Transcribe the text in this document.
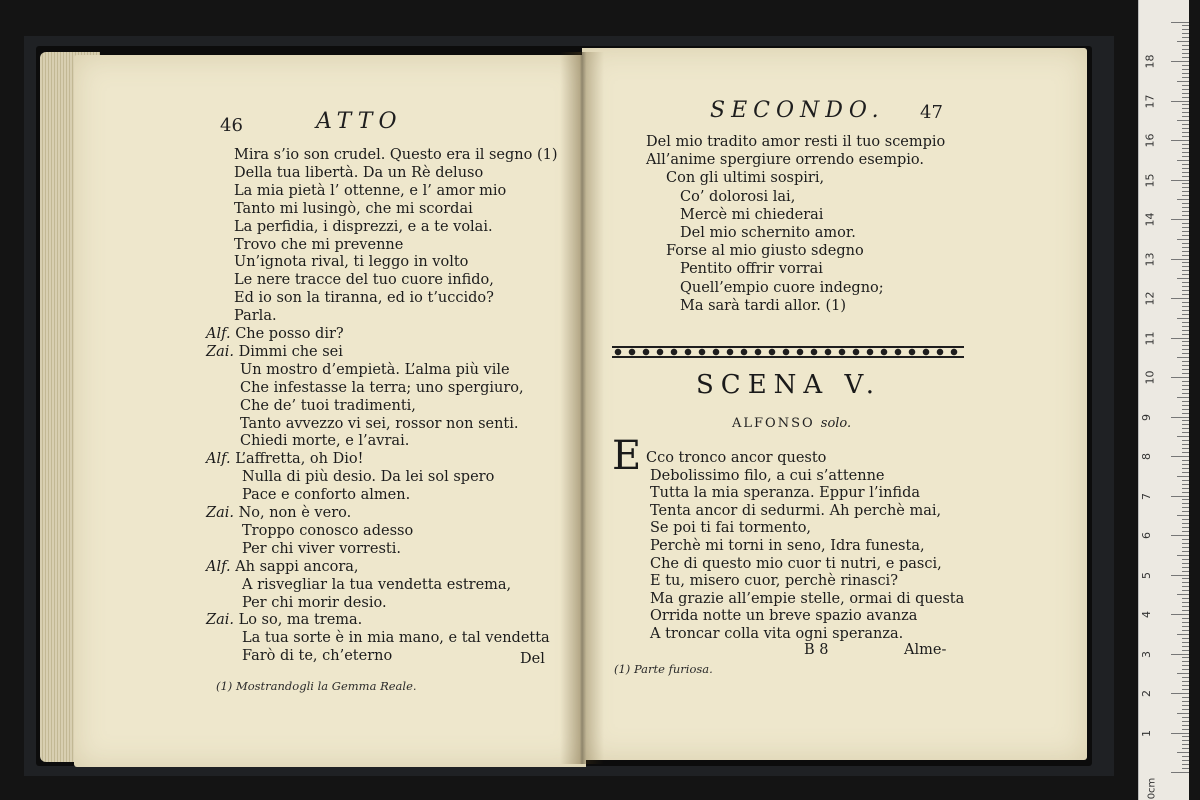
46	ATTO
Mira s’io son crudel. Questo era il segno (1)
Della tua libertà. Da un Rè deluso
La mia pietà l’ ottenne, e l’ amor mio
Tanto mi lusingò, che mi scordai
La perfidia, i disprezzi, e a te volai.
Trovo che mi prevenne
Un’ignota rival, ti leggo in volto
Le nere tracce del tuo cuore infido,
Ed io son la tiranna, ed io t’uccido?
Parla.
Alf. Che posso dir?
Zai. Dimmi che sei
Un mostro d’empietà. L’alma più vile
Che infestasse la terra; uno spergiuro,
Che de’ tuoi tradimenti,
Tanto avvezzo vi sei, rossor non senti.
Chiedi morte, e l’avrai.
Alf. L’affretta, oh Dio!
Nulla di più desio. Da lei sol spero
Pace e conforto almen.
Zai. No, non è vero.
Troppo conosco adesso
Per chi viver vorresti.
Alf. Ah sappi ancora,
A risvegliar la tua vendetta estrema,
Per chi morir desio.
Zai. Lo so, ma trema.
La tua sorte è in mia mano, e tal vendetta
Farò di te, ch’eterno	Del
(1) Mostrandogli la Gemma Reale.
SECONDO. 47
Del mio tradito amor resti il tuo scempio
All’anime spergiure orrendo esempio.
Con gli ultimi sospiri,
Co’ dolorosi lai,
Mercè mi chiederai
Del mio schernito amor.
Forse al mio giusto sdegno
Pentito offrir vorrai
Quell’empio cuore indegno;
Ma sarà tardi allor. (1)
SCENA V.
ALFONSO solo.
E Cco tronco ancor questo
Debolissimo filo, a cui s’attenne
Tutta la mia speranza. Eppur l’infida
Tenta ancor di sedurmi. Ah perchè mai,
Se poi ti fai tormento,
Perchè mi torni in seno, Idra funesta,
Che di questo mio cuor ti nutri, e pasci,
E tu, misero cuor, perchè rinasci?
Ma grazie all’empie stelle, ormai di questa
Orrida notte un breve spazio avanza
A troncar colla vita ogni speranza.
B 8	Alme-
(1) Parte furiosa.
0cm
1
2
3
4
5
6
7
8
9
10
11
12
13
14
15
16
17
18
